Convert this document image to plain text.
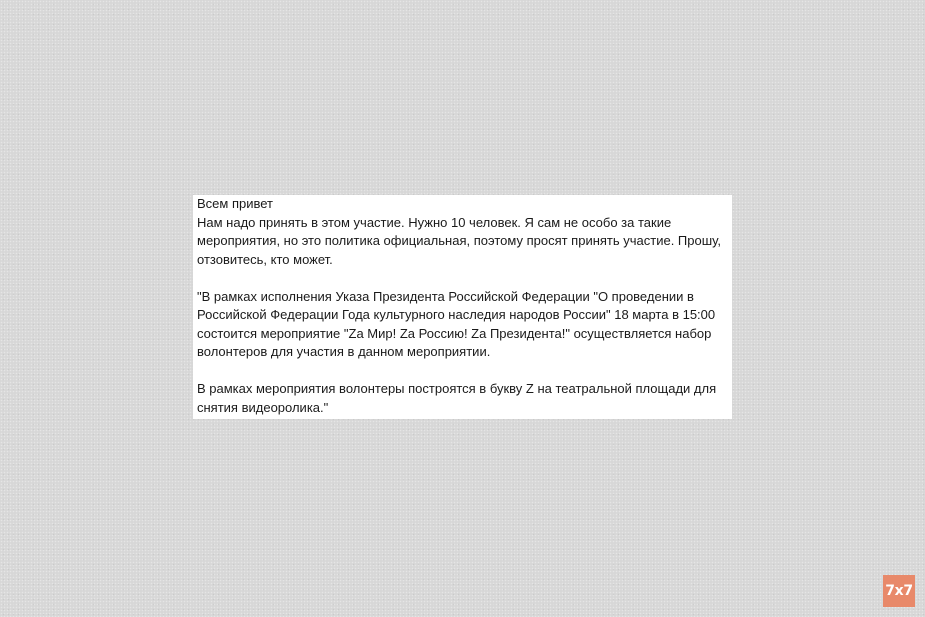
Всем привет

Нам надо принять в этом участие. Нужно 10 человек. Я сам не особо за такие
мероприятия, но это политика официальная, поэтому просят принять участие. Прошу,
отзовитесь, кто может.

"В рамках исполнения Указа Президента Российской Федерации "О проведении в
Российской Федерации Года культурного наследия народов России" 18 марта в 15:00
состоится мероприятие "Zа Мир! Zа Россию! Zа Президента!" осуществляется набор
волонтеров для участия в данном мероприятии.

В рамках мероприятия волонтеры построятся в букву Z на театральной площади для
снятия видеоролика."

7x7
